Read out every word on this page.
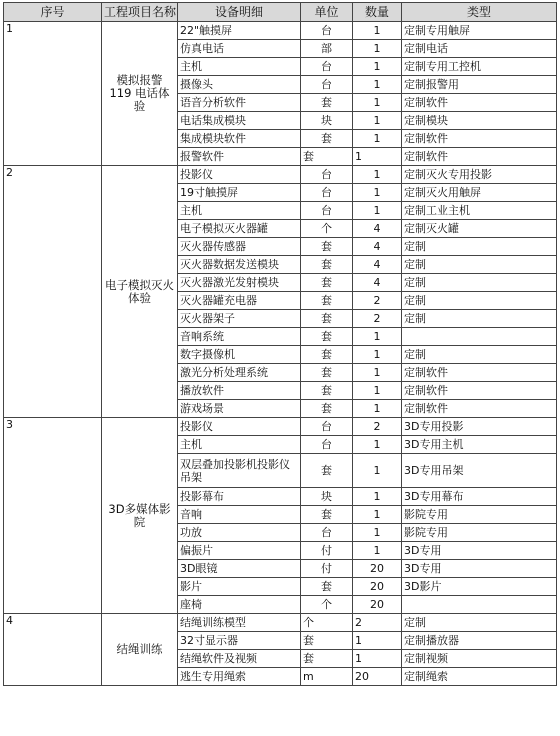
序号	工程项目名称	设备明细	单位	数量	类型
1	模拟报警 119 电话体验	22"触摸屏	台	1	定制专用触屏
		仿真电话	部	1	定制电话
		主机	台	1	定制专用工控机
		摄像头	台	1	定制报警用
		语音分析软件	套	1	定制软件
		电话集成模块	块	1	定制模块
		集成模块软件	套	1	定制软件
		报警软件	套	1	定制软件
2	电子模拟灭火体验	投影仪	台	1	定制灭火专用投影
		19寸触摸屏	台	1	定制灭火用触屏
		主机	台	1	定制工业主机
		电子模拟灭火器罐	个	4	定制灭火罐
		灭火器传感器	套	4	定制
		灭火器数据发送模块	套	4	定制
		灭火器激光发射模块	套	4	定制
		灭火器罐充电器	套	2	定制
		灭火器架子	套	2	定制
		音响系统	套	1	
		数字摄像机	套	1	定制
		激光分析处理系统	套	1	定制软件
		播放软件	套	1	定制软件
		游戏场景	套	1	定制软件
3	3D多媒体影院	投影仪	台	2	3D专用投影
		主机	台	1	3D专用主机
		双层叠加投影机投影仪吊架	套	1	3D专用吊架
		投影幕布	块	1	3D专用幕布
		音响	套	1	影院专用
		功放	台	1	影院专用
		偏振片	付	1	3D专用
		3D眼镜	付	20	3D专用
		影片	套	20	3D影片
		座椅	个	20	
4	结绳训练	结绳训练模型	个	2	定制
		32寸显示器	套	1	定制播放器
		结绳软件及视频	套	1	定制视频
		逃生专用绳索	m	20	定制绳索
